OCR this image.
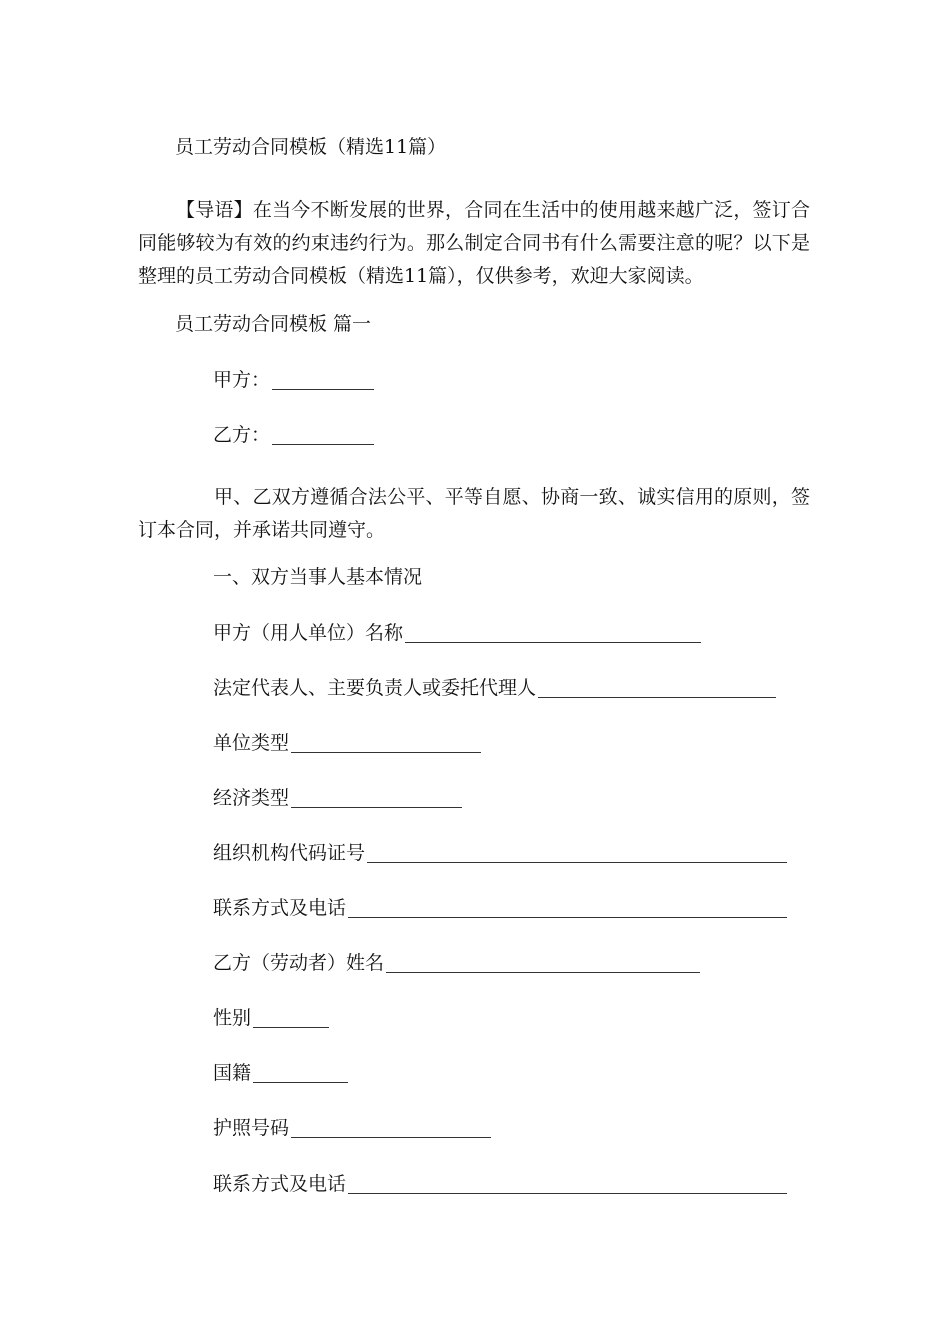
员工劳动合同模板（精选11篇）
【导语】在当今不断发展的世界，合同在生活中的使用越来越广泛，签订合同能够较为有效的约束违约行为。那么制定合同书有什么需要注意的呢？以下是整理的员工劳动合同模板（精选11篇），仅供参考，欢迎大家阅读。
员工劳动合同模板 篇一
甲方：
乙方：
甲、乙双方遵循合法公平、平等自愿、协商一致、诚实信用的原则，签订本合同，并承诺共同遵守。
一、双方当事人基本情况
甲方（用人单位）名称
法定代表人、主要负责人或委托代理人
单位类型
经济类型
组织机构代码证号
联系方式及电话
乙方（劳动者）姓名
性别
国籍
护照号码
联系方式及电话
